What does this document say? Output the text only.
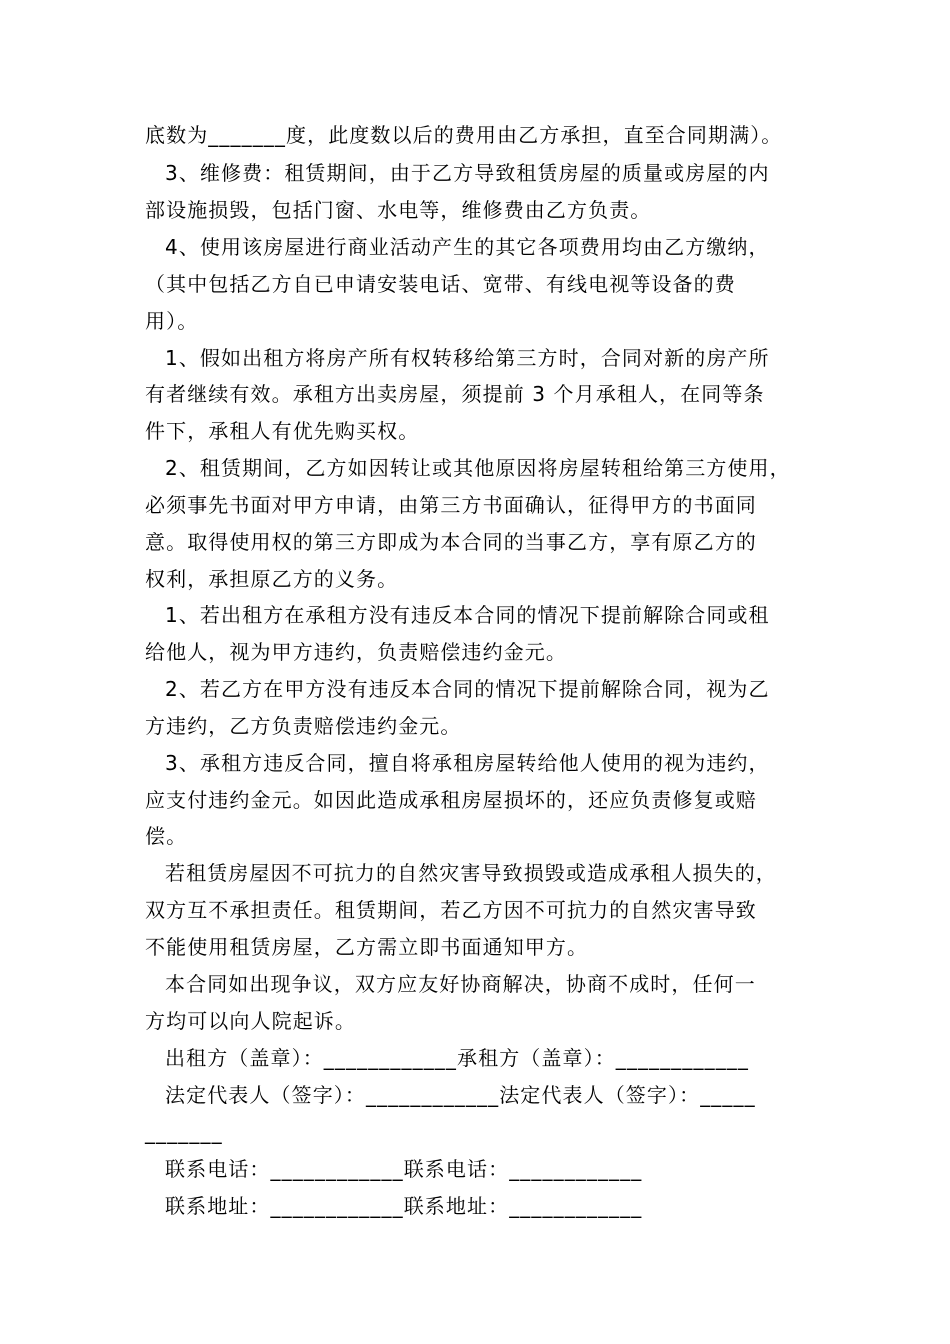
底数为_______度，此度数以后的费用由乙方承担，直至合同期满）。
3、维修费：租赁期间，由于乙方导致租赁房屋的质量或房屋的内
部设施损毁，包括门窗、水电等，维修费由乙方负责。
4、使用该房屋进行商业活动产生的其它各项费用均由乙方缴纳，
（其中包括乙方自已申请安装电话、宽带、有线电视等设备的费
用）。
1、假如出租方将房产所有权转移给第三方时，合同对新的房产所
有者继续有效。承租方出卖房屋，须提前 3 个月承租人，在同等条
件下，承租人有优先购买权。
2、租赁期间，乙方如因转让或其他原因将房屋转租给第三方使用，
必须事先书面对甲方申请，由第三方书面确认，征得甲方的书面同
意。取得使用权的第三方即成为本合同的当事乙方，享有原乙方的
权利，承担原乙方的义务。
1、若出租方在承租方没有违反本合同的情况下提前解除合同或租
给他人，视为甲方违约，负责赔偿违约金元。
2、若乙方在甲方没有违反本合同的情况下提前解除合同，视为乙
方违约，乙方负责赔偿违约金元。
3、承租方违反合同，擅自将承租房屋转给他人使用的视为违约，
应支付违约金元。如因此造成承租房屋损坏的，还应负责修复或赔
偿。
若租赁房屋因不可抗力的自然灾害导致损毁或造成承租人损失的，
双方互不承担责任。租赁期间，若乙方因不可抗力的自然灾害导致
不能使用租赁房屋，乙方需立即书面通知甲方。
本合同如出现争议，双方应友好协商解决，协商不成时，任何一
方均可以向人院起诉。
出租方（盖章）：____________承租方（盖章）：____________
法定代表人（签字）：____________法定代表人（签字）：_____
_______
联系电话：____________联系电话：____________
联系地址：____________联系地址：____________
